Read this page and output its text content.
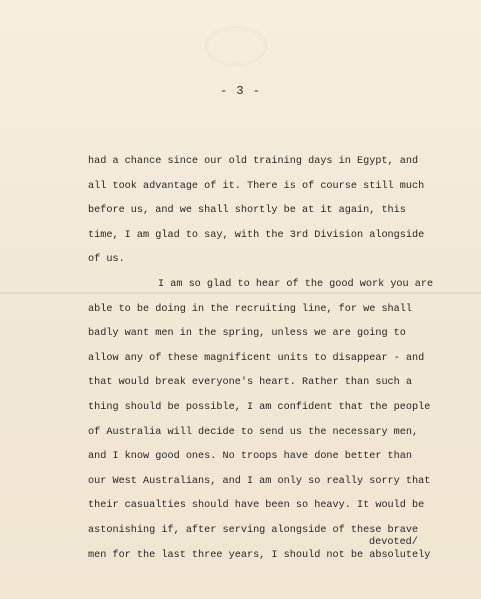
- 3 -
had a chance since our old training days in Egypt, and
all took advantage of it. There is of course still much
before us, and we shall shortly be at it again, this
time, I am glad to say, with the 3rd Division alongside
of us.
I am so glad to hear of the good work you are
able to be doing in the recruiting line, for we shall
badly want men in the spring, unless we are going to
allow any of these magnificent units to disappear - and
that would break everyone's heart. Rather than such a
thing should be possible, I am confident that the people
of Australia will decide to send us the necessary men,
and I know good ones. No troops have done better than
our West Australians, and I am only so really sorry that
their casualties should have been so heavy. It would be
astonishing if, after serving alongside of these brave
men for the last three years, I should not be absolutely
devoted/
